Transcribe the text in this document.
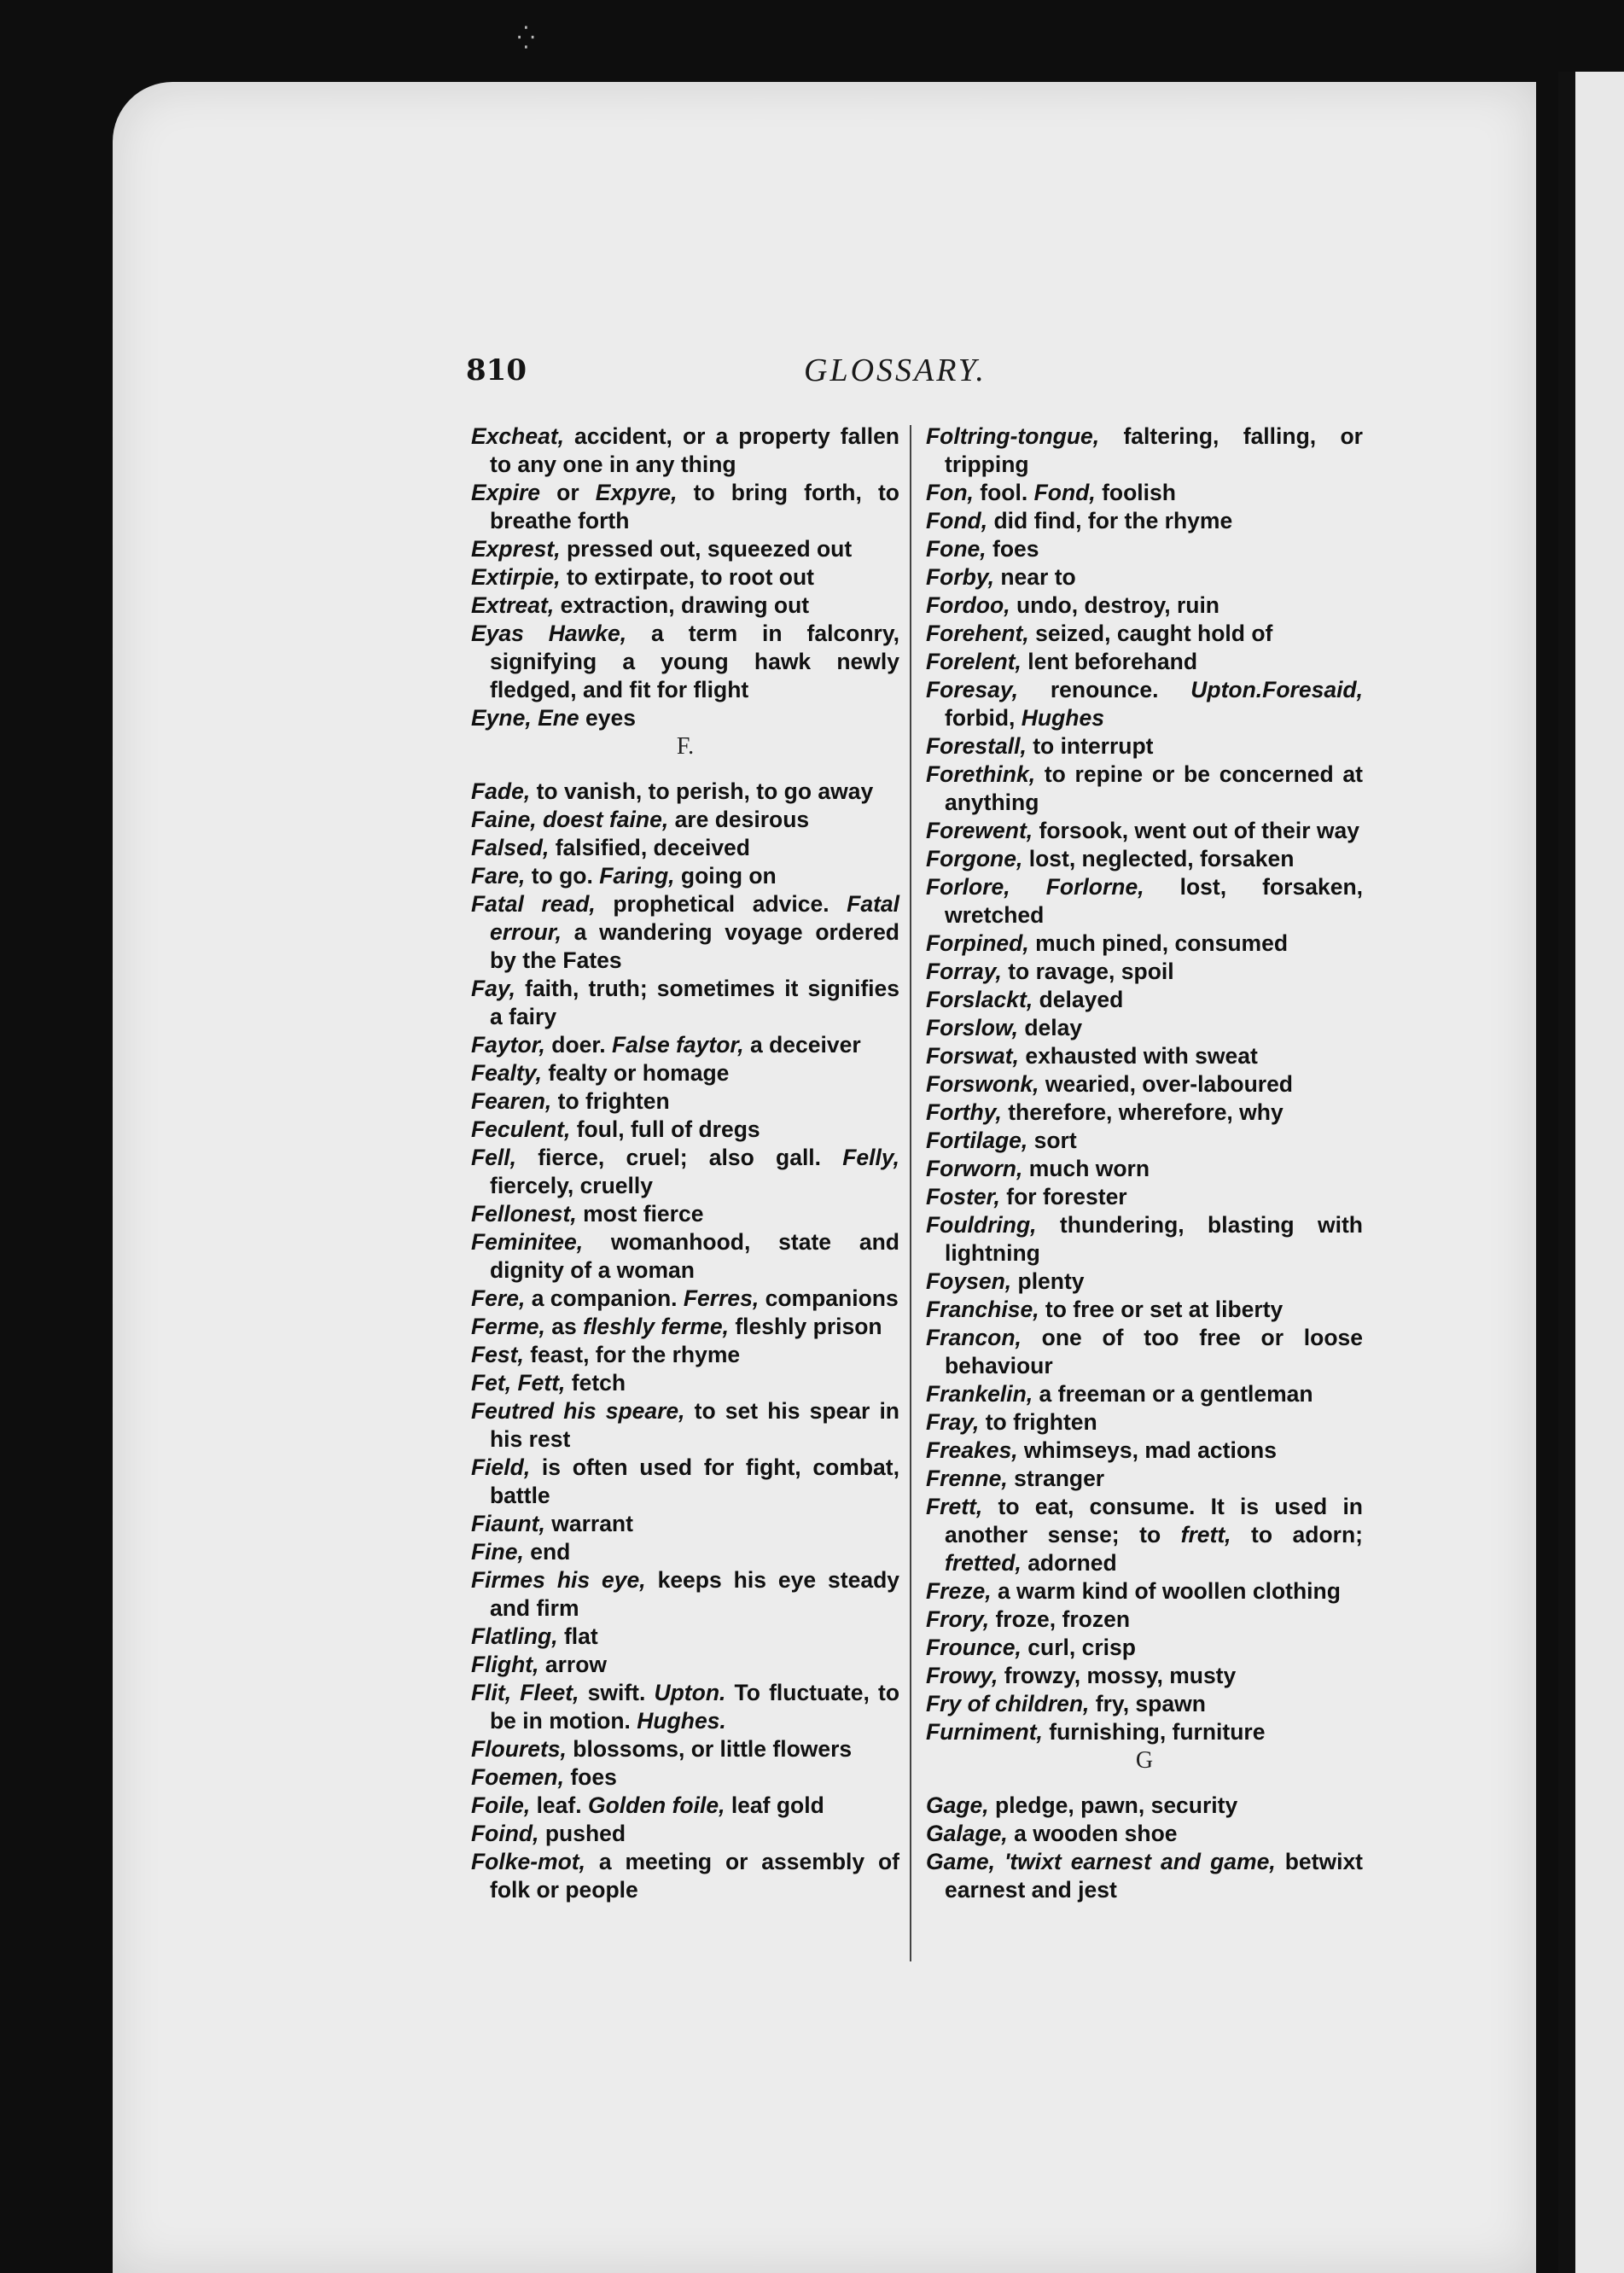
⁛
810	GLOSSARY.
Excheat, accident, or a property fallen to any one in any thing
Expire or Expyre, to bring forth, to breathe forth
Exprest, pressed out, squeezed out
Extirpie, to extirpate, to root out
Extreat, extraction, drawing out
Eyas Hawke, a term in falconry, signifying a young hawk newly fledged, and fit for flight
Eyne, Ene eyes
F.
Fade, to vanish, to perish, to go away
Faine, doest faine, are desirous
Falsed, falsified, deceived
Fare, to go. Faring, going on
Fatal read, prophetical advice. Fatal errour, a wandering voyage ordered by the Fates
Fay, faith, truth; sometimes it signifies a fairy
Faytor, doer. False faytor, a deceiver
Fealty, fealty or homage
Fearen, to frighten
Feculent, foul, full of dregs
Fell, fierce, cruel; also gall. Felly, fiercely, cruelly
Fellonest, most fierce
Feminitee, womanhood, state and dignity of a woman
Fere, a companion. Ferres, companions
Ferme, as fleshly ferme, fleshly prison
Fest, feast, for the rhyme
Fet, Fett, fetch
Feutred his speare, to set his spear in his rest
Field, is often used for fight, combat, battle
Fiaunt, warrant
Fine, end
Firmes his eye, keeps his eye steady and firm
Flatling, flat
Flight, arrow
Flit, Fleet, swift. Upton. To fluctuate, to be in motion. Hughes.
Flourets, blossoms, or little flowers
Foemen, foes
Foile, leaf. Golden foile, leaf gold
Foind, pushed
Folke-mot, a meeting or assembly of folk or people
Foltring-tongue, faltering, falling, or tripping
Fon, fool. Fond, foolish
Fond, did find, for the rhyme
Fone, foes
Forby, near to
Fordoo, undo, destroy, ruin
Forehent, seized, caught hold of
Forelent, lent beforehand
Foresay, renounce. Upton.Foresaid, forbid, Hughes
Forestall, to interrupt
Forethink, to repine or be concerned at anything
Forewent, forsook, went out of their way
Forgone, lost, neglected, forsaken
Forlore, Forlorne, lost, forsaken, wretched
Forpined, much pined, consumed
Forray, to ravage, spoil
Forslackt, delayed
Forslow, delay
Forswat, exhausted with sweat
Forswonk, wearied, over-laboured
Forthy, therefore, wherefore, why
Fortilage, sort
Forworn, much worn
Foster, for forester
Fouldring, thundering, blasting with lightning
Foysen, plenty
Franchise, to free or set at liberty
Francon, one of too free or loose behaviour
Frankelin, a freeman or a gentleman
Fray, to frighten
Freakes, whimseys, mad actions
Frenne, stranger
Frett, to eat, consume. It is used in another sense; to frett, to adorn; fretted, adorned
Freze, a warm kind of woollen clothing
Frory, froze, frozen
Frounce, curl, crisp
Frowy, frowzy, mossy, musty
Fry of children, fry, spawn
Furniment, furnishing, furniture
G
Gage, pledge, pawn, security
Galage, a wooden shoe
Game, 'twixt earnest and game, betwixt earnest and jest
